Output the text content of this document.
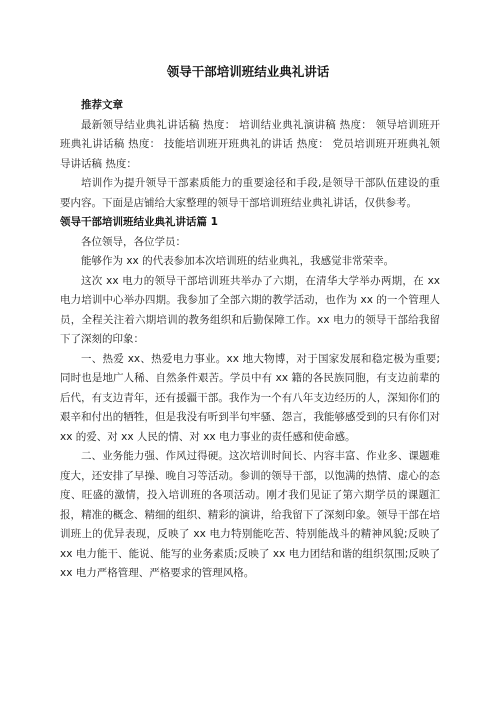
领导干部培训班结业典礼讲话

推荐文章

最新领导结业典礼讲话稿 热度： 培训结业典礼演讲稿 热度： 领导培训班开班典礼讲话稿 热度： 技能培训班开班典礼的讲话 热度： 党员培训班开班典礼领导讲话稿 热度：

培训作为提升领导干部素质能力的重要途径和手段,是领导干部队伍建设的重要内容。下面是店铺给大家整理的领导干部培训班结业典礼讲话，仅供参考。

领导干部培训班结业典礼讲话篇 1

各位领导，各位学员：

能够作为 xx 的代表参加本次培训班的结业典礼，我感觉非常荣幸。

这次 xx 电力的领导干部培训班共举办了六期，在清华大学举办两期，在 xx 电力培训中心举办四期。我参加了全部六期的教学活动，也作为 xx 的一个管理人员，全程关注着六期培训的教务组织和后勤保障工作。xx 电力的领导干部给我留下了深刻的印象：

一、热爱 xx、热爱电力事业。xx 地大物博，对于国家发展和稳定极为重要;同时也是地广人稀、自然条件艰苦。学员中有 xx 籍的各民族同胞，有支边前辈的后代，有支边青年，还有援疆干部。我作为一个有八年支边经历的人，深知你们的艰辛和付出的牺牲，但是我没有听到半句牢骚、怨言，我能够感受到的只有你们对 xx 的爱、对 xx 人民的情、对 xx 电力事业的责任感和使命感。

二、业务能力强、作风过得硬。这次培训时间长、内容丰富、作业多、课题难度大，还安排了早操、晚自习等活动。参训的领导干部，以饱满的热情、虚心的态度、旺盛的激情，投入培训班的各项活动。刚才我们见证了第六期学员的课题汇报，精准的概念、精细的组织、精彩的演讲，给我留下了深刻印象。领导干部在培训班上的优异表现，反映了 xx 电力特别能吃苦、特别能战斗的精神风貌;反映了 xx 电力能干、能说、能写的业务素质;反映了 xx 电力团结和谐的组织氛围;反映了 xx 电力严格管理、严格要求的管理风格。
